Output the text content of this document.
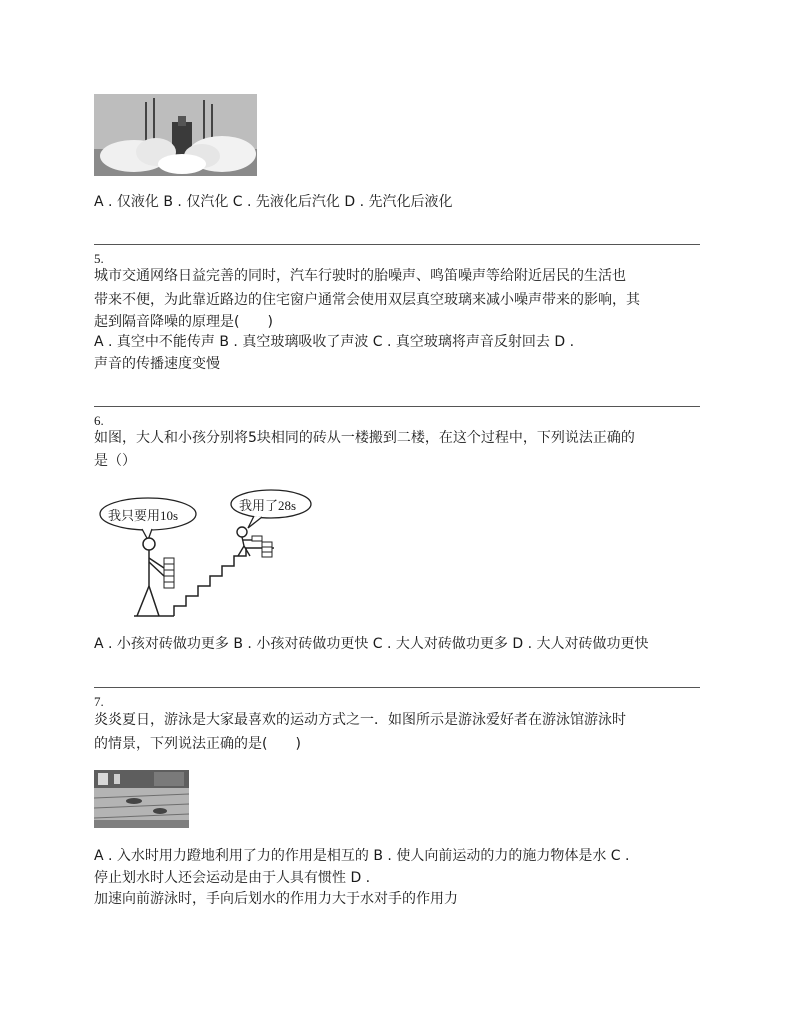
A . 仅液化 B . 仅汽化 C . 先液化后汽化 D . 先汽化后液化
5.
城市交通网络日益完善的同时，汽车行驶时的胎噪声、鸣笛噪声等给附近居民的生活也
带来不便，为此靠近路边的住宅窗户通常会使用双层真空玻璃来减小噪声带来的影响，其
起到隔音降噪的原理是(　　)
A . 真空中不能传声 B . 真空玻璃吸收了声波 C . 真空玻璃将声音反射回去 D .
声音的传播速度变慢
6.
如图，大人和小孩分别将5块相同的砖从一楼搬到二楼，在这个过程中，下列说法正确的
是（）
我只要用10s
我用了28s
A . 小孩对砖做功更多 B . 小孩对砖做功更快 C . 大人对砖做功更多 D . 大人对砖做功更快
7.
炎炎夏日，游泳是大家最喜欢的运动方式之一．如图所示是游泳爱好者在游泳馆游泳时
的情景，下列说法正确的是(　　)
A . 入水时用力蹬地利用了力的作用是相互的 B . 使人向前运动的力的施力物体是水 C .
停止划水时人还会运动是由于人具有惯性 D .
加速向前游泳时，手向后划水的作用力大于水对手的作用力
